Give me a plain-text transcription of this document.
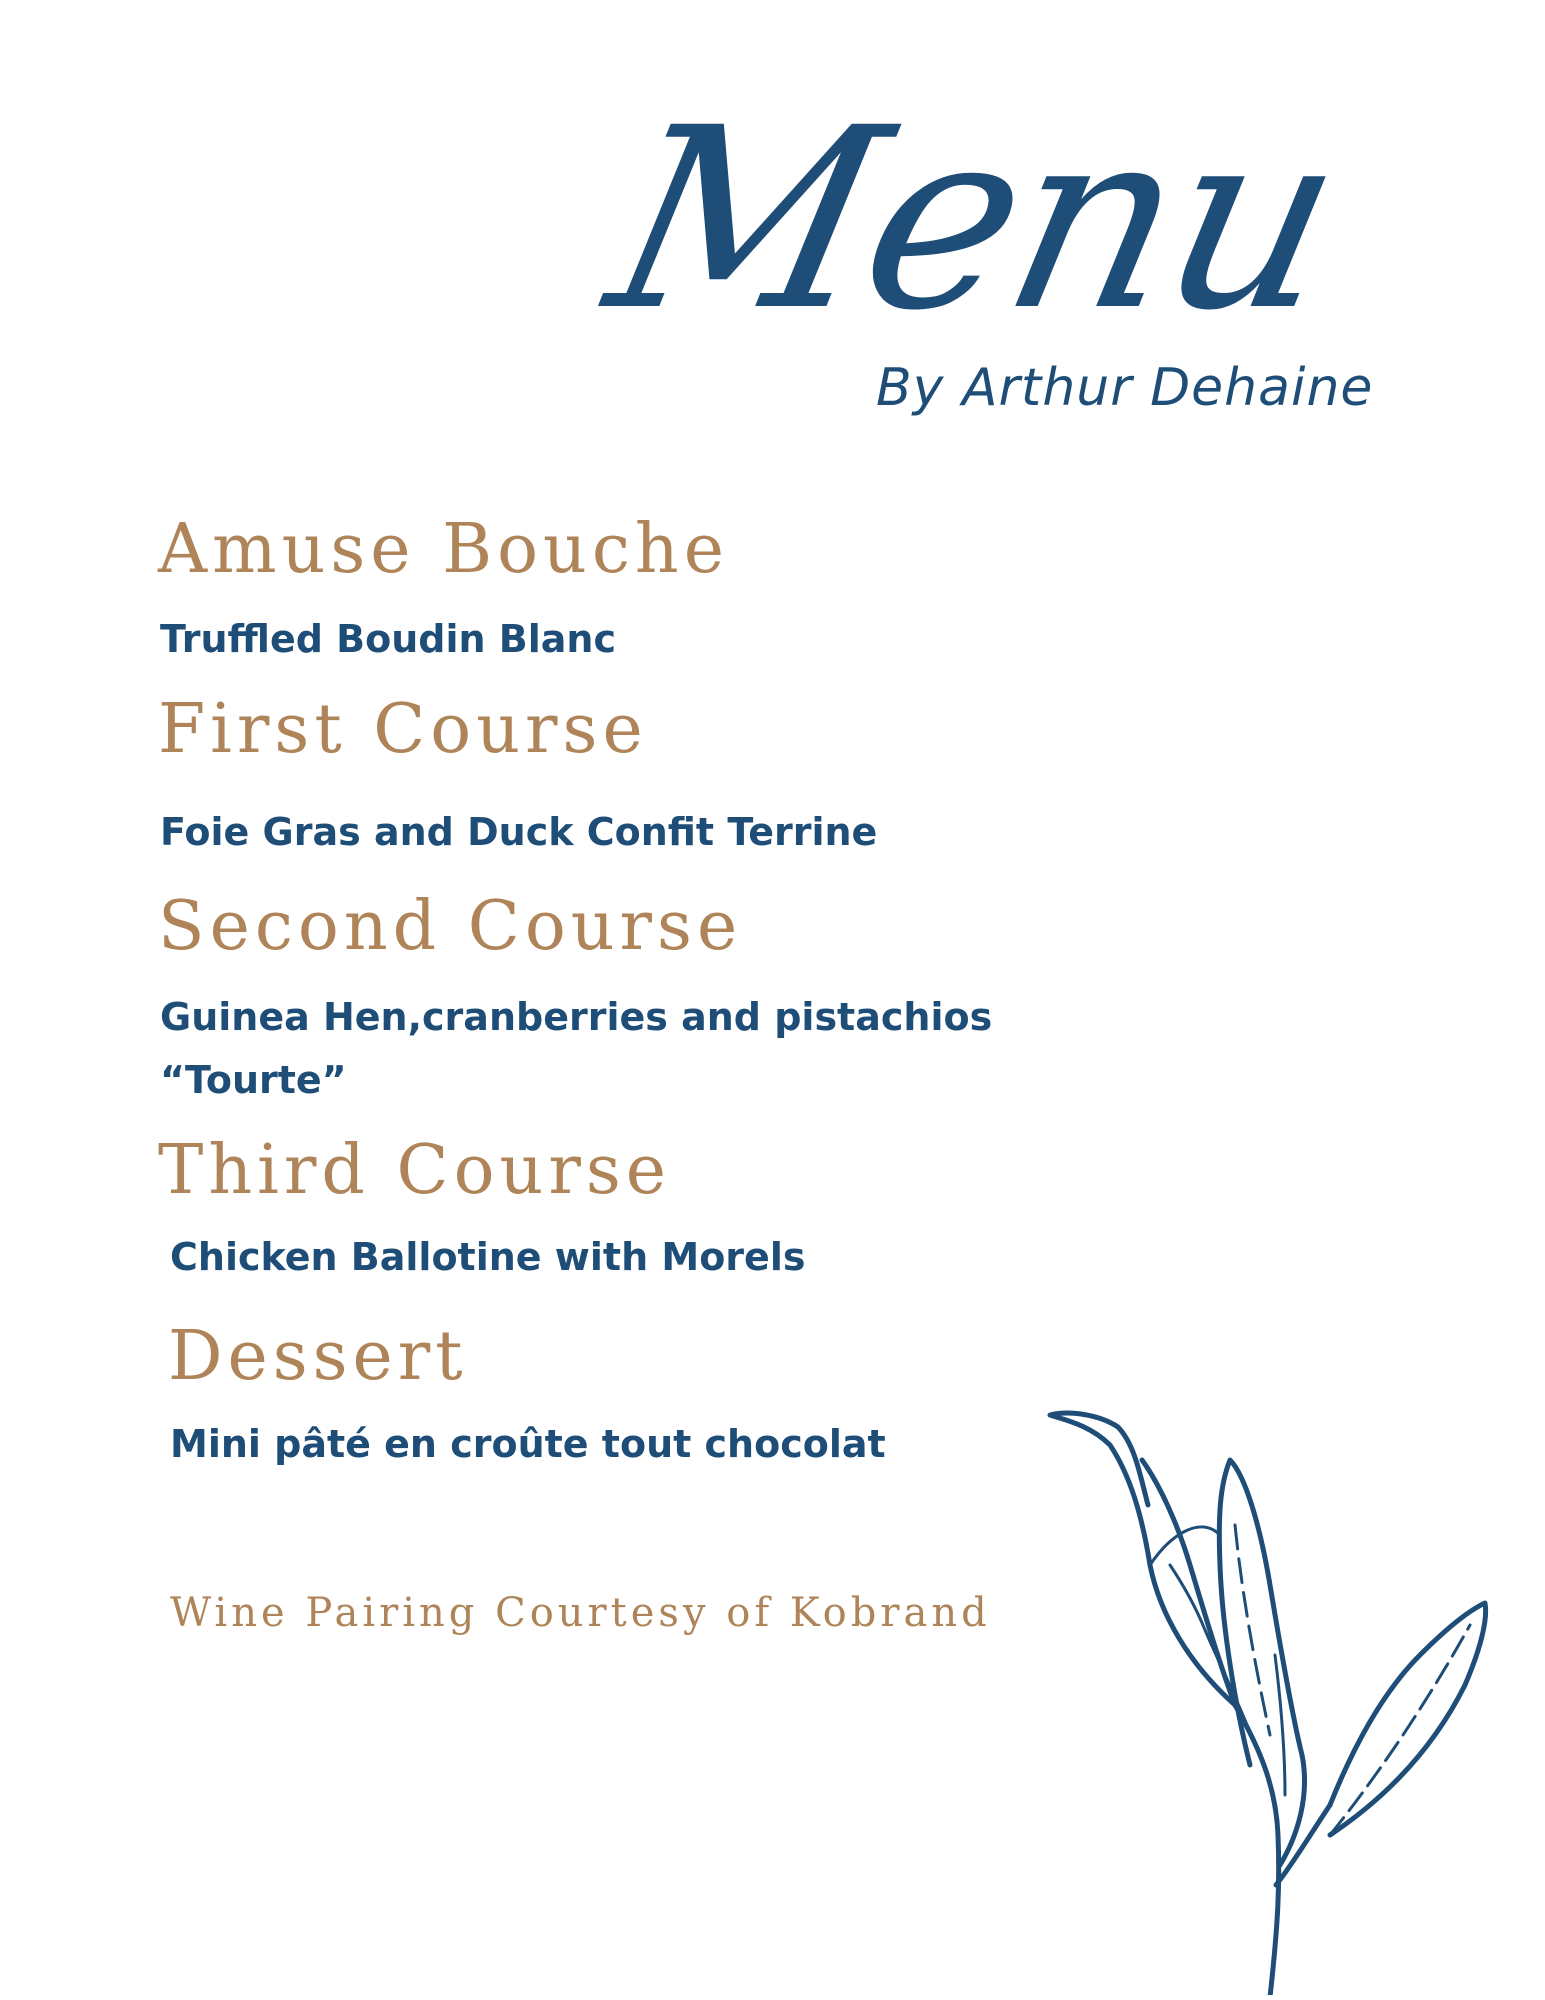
Menu
By Arthur Dehaine
Amuse Bouche

Truffled Boudin Blanc

First Course

Foie Gras and Duck Confit Terrine

Second Course

Guinea Hen,cranberries and pistachios
“Tourte”

Third Course

Chicken Ballotine with Morels

Dessert

Mini pâté en croûte tout chocolat

Wine Pairing Courtesy of Kobrand
